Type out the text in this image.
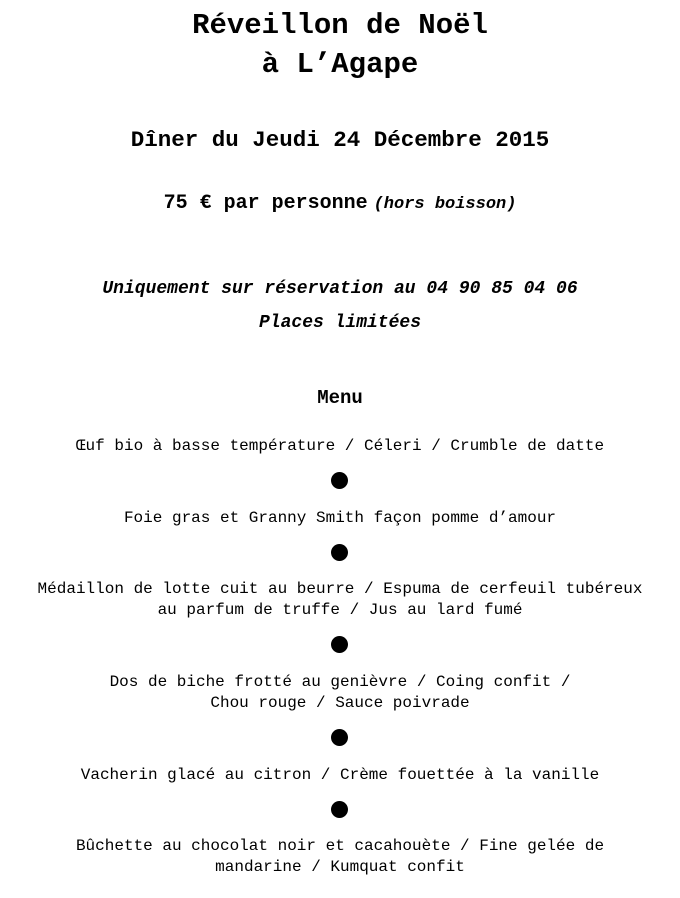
Réveillon de Noël
à L’Agape
Dîner du Jeudi 24 Décembre 2015
75 € par personne (hors boisson)
Uniquement sur réservation au 04 90 85 04 06
Places limitées
Menu
Œuf bio à basse température / Céleri / Crumble de datte
Foie gras et Granny Smith façon pomme d’amour
Médaillon de lotte cuit au beurre / Espuma de cerfeuil tubéreux
au parfum de truffe / Jus au lard fumé
Dos de biche frotté au genièvre / Coing confit /
Chou rouge / Sauce poivrade
Vacherin glacé au citron / Crème fouettée à la vanille
Bûchette au chocolat noir et cacahouète / Fine gelée de
mandarine / Kumquat confit
